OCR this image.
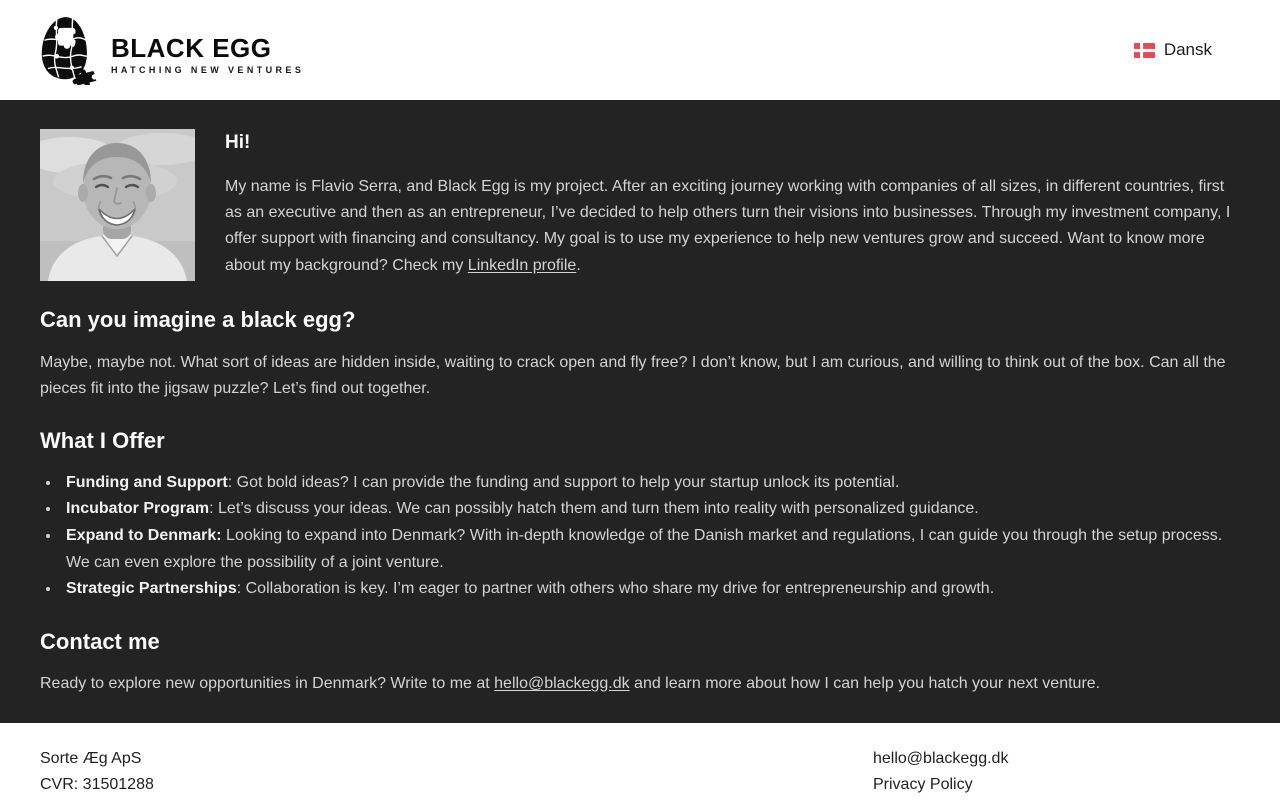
BLACK EGG
HATCHING NEW VENTURES
Dansk
Hi!

My name is Flavio Serra, and Black Egg is my project. After an exciting journey working with companies of all sizes, in different countries, first as an executive and then as an entrepreneur, I’ve decided to help others turn their visions into businesses. Through my investment company, I offer support with financing and consultancy. My goal is to use my experience to help new ventures grow and succeed. Want to know more about my background? Check my LinkedIn profile.

Can you imagine a black egg?

Maybe, maybe not. What sort of ideas are hidden inside, waiting to crack open and fly free? I don’t know, but I am curious, and willing to think out of the box. Can all the pieces fit into the jigsaw puzzle? Let’s find out together.

What I Offer
• Funding and Support: Got bold ideas? I can provide the funding and support to help your startup unlock its potential.
• Incubator Program: Let’s discuss your ideas. We can possibly hatch them and turn them into reality with personalized guidance.
• Expand to Denmark: Looking to expand into Denmark? With in-depth knowledge of the Danish market and regulations, I can guide you through the setup process. We can even explore the possibility of a joint venture.
• Strategic Partnerships: Collaboration is key. I’m eager to partner with others who share my drive for entrepreneurship and growth.
Contact me

Ready to explore new opportunities in Denmark? Write to me at hello@blackegg.dk and learn more about how I can help you hatch your next venture.

Sorte Æg ApS
CVR: 31501288
hello@blackegg.dk
Privacy Policy
